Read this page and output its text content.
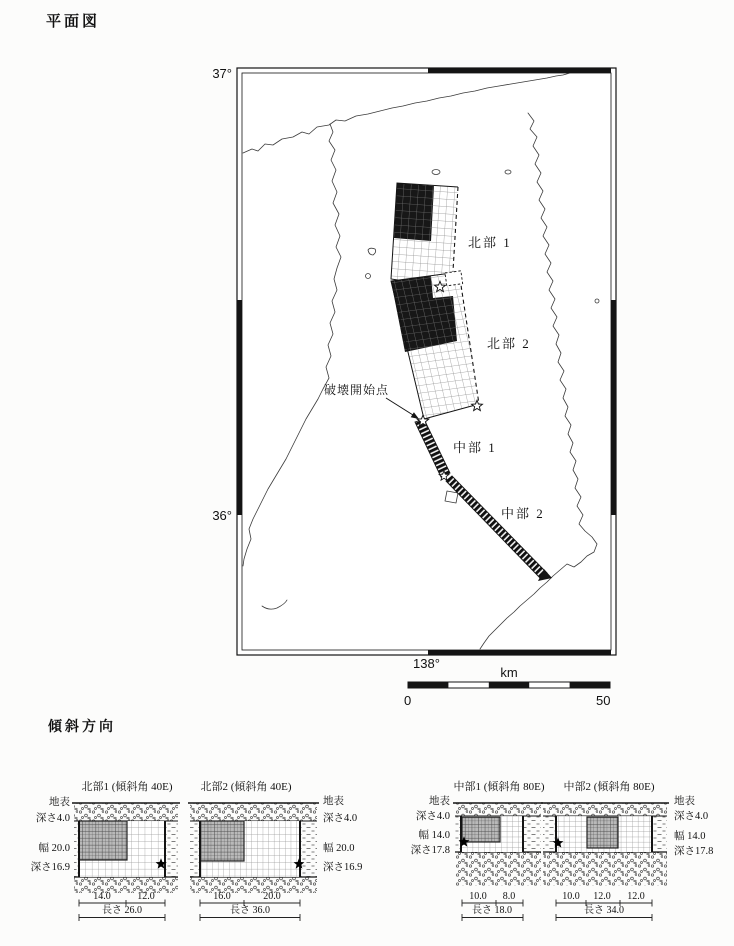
平面図
37°
36°
138°
北部 1
北部 2
中部 1
中部 2
破壊開始点
km
0	50
傾斜方向
北部1 (傾斜角 40E)
地表
深さ4.0
幅 20.0
深さ16.9
14.0	12.0
長さ 26.0
北部2 (傾斜角 40E)
地表
深さ4.0
幅 20.0
深さ16.9
16.0	20.0
長さ 36.0
中部1 (傾斜角 80E)
地表
深さ4.0
幅 14.0
深さ17.8
10.0	8.0
長さ 18.0
中部2 (傾斜角 80E)
地表
深さ4.0
幅 14.0
深さ17.8
10.0	12.0	12.0
長さ 34.0
